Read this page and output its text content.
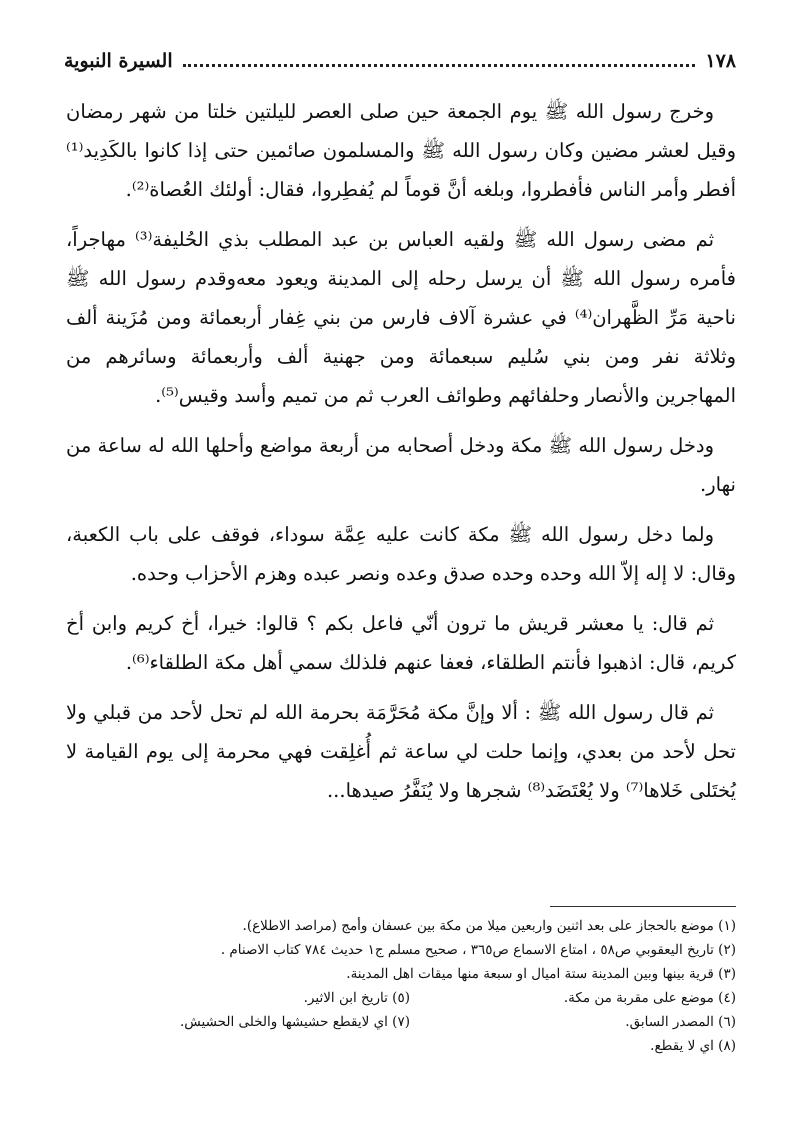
١٧٨
السيرة النبوية

وخرج رسول الله ﷺ يوم الجمعة حين صلى العصر لليلتين خلتا من شهر رمضان وقيل لعشر مضين وكان رسول الله ﷺ والمسلمون صائمين حتى إذا كانوا بالكَدِيد⁽¹⁾ أفطر وأمر الناس فأفطروا، وبلغه أنَّ قوماً لم يُفطِروا، فقال: أولئك العُصاة⁽²⁾.

ثم مضى رسول الله ﷺ ولقيه العباس بن عبد المطلب بذي الحُليفة⁽³⁾ مهاجراً، فأمره رسول الله ﷺ أن يرسل رحله إلى المدينة ويعود معه‌وقدم رسول الله ﷺ ناحية مَرِّ الظَّهران⁽⁴⁾ في عشرة آلاف فارس من بني غِفار أربعمائة ومن مُزَينة ألف وثلاثة نفر ومن بني سُليم سبعمائة ومن جهنية ألف وأربعمائة وسائرهم من المهاجرين والأنصار وحلفائهم وطوائف العرب ثم من تميم وأسد وقيس⁽⁵⁾.

ودخل رسول الله ﷺ مكة ودخل أصحابه من أربعة مواضع وأحلها الله له ساعة من نهار.

ولما دخل رسول الله ﷺ مكة كانت عليه عِمَّة سوداء، فوقف على باب الكعبة، وقال: لا إله إلاّ الله وحده وحده صدق وعده ونصر عبده وهزم الأحزاب وحده.

ثم قال: يا معشر قريش ما ترون أنّي فاعل بكم ؟ قالوا: خيرا، أخ كريم وابن أخ كريم، قال: اذهبوا فأنتم الطلقاء، فعفا عنهم فلذلك سمي أهل مكة الطلقاء⁽⁶⁾.

ثم قال رسول الله ﷺ : ألا وإنَّ مكة مُحَرَّمَة بحرمة الله لم تحل لأحد من قبلي ولا تحل لأحد من بعدي، وإنما حلت لي ساعة ثم أُغلِقت فهي محرمة إلى يوم القيامة لا يُختَلى خَلاها⁽⁷⁾ ولا يُعْتَضَد⁽⁸⁾ شجرها ولا يُنَفَّرُ صيدها...

(١) موضع بالحجاز على بعد اثنين واربعين ميلا من مكة بين عسفان وأمج (مراصد الاطلاع).

(٢) تاريخ اليعقوبي ص٥٨ ، امتاع الاسماع ص٣٦٥ ، صحيح مسلم ج١ حديث ٧٨٤ كتاب الاصنام .

(٣) قرية بينها وبين المدينة ستة اميال او سبعة منها ميقات اهل المدينة.

(٤) موضع على مقربة من مكة.

(٥) تاريخ ابن الاثير.

(٦) المصدر السابق.

(٧) اي لايقطع حشيشها والخلى الحشيش.

(٨) اي لا يقطع.
